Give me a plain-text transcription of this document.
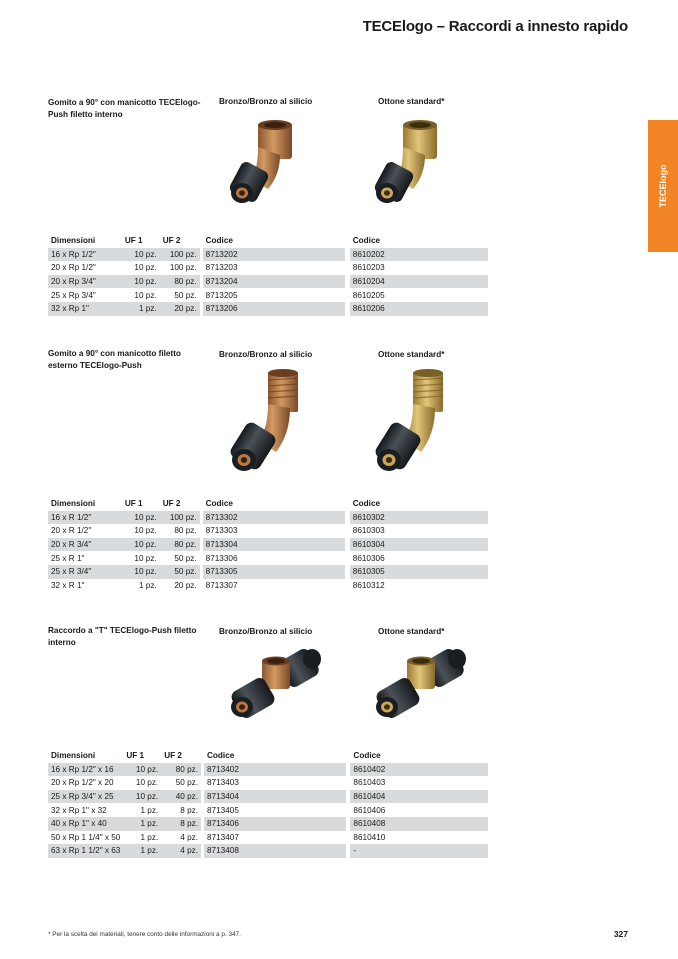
TECElogo – Raccordi a innesto rapido
TECElogo
Gomito a 90° con manicotto TECElogo-Push filetto interno
Bronzo/Bronzo al silicio	Ottone standard*
Dimensioni	UF 1	UF 2		Codice		Codice
16 x Rp 1/2"	10 pz.	100 pz.		8713202		8610202
20 x Rp 1/2"	10 pz.	100 pz.		8713203		8610203
20 x Rp 3/4"	10 pz.	80 pz.		8713204		8610204
25 x Rp 3/4"	10 pz.	50 pz.		8713205		8610205
32 x Rp 1"	1 pz.	20 pz.		8713206		8610206
Gomito a 90° con manicotto filetto esterno TECElogo-Push
Bronzo/Bronzo al silicio	Ottone standard*
Dimensioni	UF 1	UF 2		Codice		Codice
16 x R 1/2"	10 pz.	100 pz.		8713302		8610302
20 x R 1/2"	10 pz.	80 pz.		8713303		8610303
20 x R 3/4"	10 pz.	80 pz.		8713304		8610304
25 x R 1"	10 pz.	50 pz.		8713306		8610306
25 x R 3/4"	10 pz.	50 pz.		8713305		8610305
32 x R 1"	1 pz.	20 pz.		8713307		8610312
Raccordo a "T" TECElogo-Push filetto interno
Bronzo/Bronzo al silicio	Ottone standard*
Dimensioni	UF 1	UF 2		Codice		Codice
16 x Rp 1/2" x 16	10 pz.	80 pz.		8713402		8610402
20 x Rp 1/2" x 20	10 pz.	50 pz.		8713403		8610403
25 x Rp 3/4" x 25	10 pz.	40 pz.		8713404		8610404
32 x Rp 1" x 32	1 pz.	8 pz.		8713405		8610406
40 x Rp 1" x 40	1 pz.	8 pz.		8713406		8610408
50 x Rp 1 1/4" x 50	1 pz.	4 pz.		8713407		8610410
63 x Rp 1 1/2" x 63	1 pz.	4 pz.		8713408		-
* Per la scelta dei materiali, tenere conto delle informazioni a p. 347.	327
